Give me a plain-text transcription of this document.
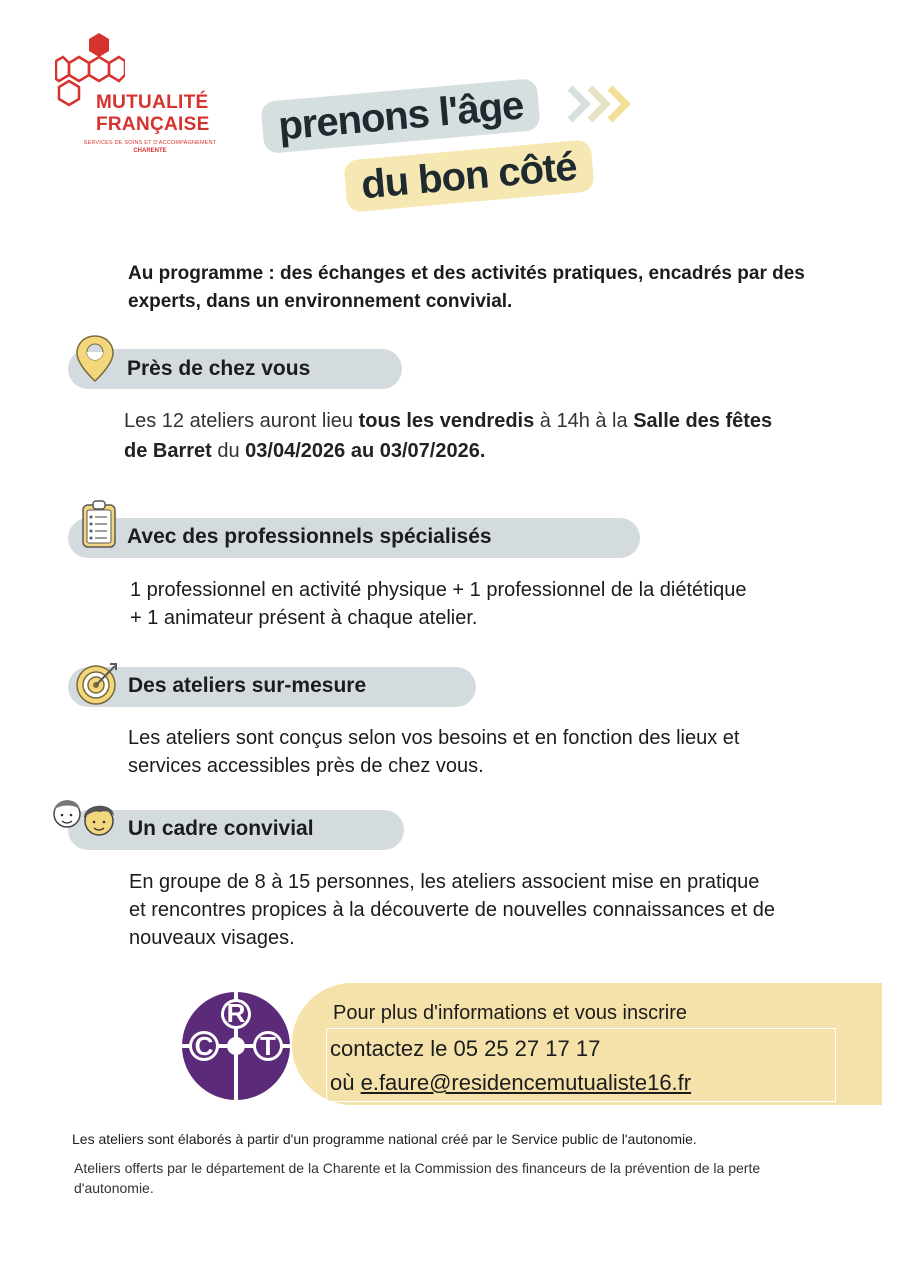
MUTUALITÉ
FRANÇAISE
SERVICES DE SOINS ET D'ACCOMPAGNEMENT
CHARENTE
prenons l'âge
du bon côté
Au programme : des échanges et des activités pratiques, encadrés par des experts, dans un environnement convivial.
Près de chez vous
Les 12 ateliers auront lieu tous les vendredis à 14h à la Salle des fêtes de Barret du 03/04/2026 au 03/07/2026.
Avec des professionnels spécialisés
1 professionnel en activité physique + 1 professionnel de la diététique + 1 animateur présent à chaque atelier.
Des ateliers sur-mesure
Les ateliers sont conçus selon vos besoins et en fonction des lieux et services accessibles près de chez vous.
Un cadre convivial
En groupe de 8 à 15 personnes, les ateliers associent mise en pratique et rencontres propices à la découverte de nouvelles connaissances et de nouveaux visages.
R
C T
Pour plus d'informations et vous inscrire
contactez le 05 25 27 17 17
où e.faure@residencemutualiste16.fr
Les ateliers sont élaborés à partir d'un programme national créé par le Service public de l'autonomie.
Ateliers offerts par le département de la Charente et la Commission des financeurs de la prévention de la perte d'autonomie.
